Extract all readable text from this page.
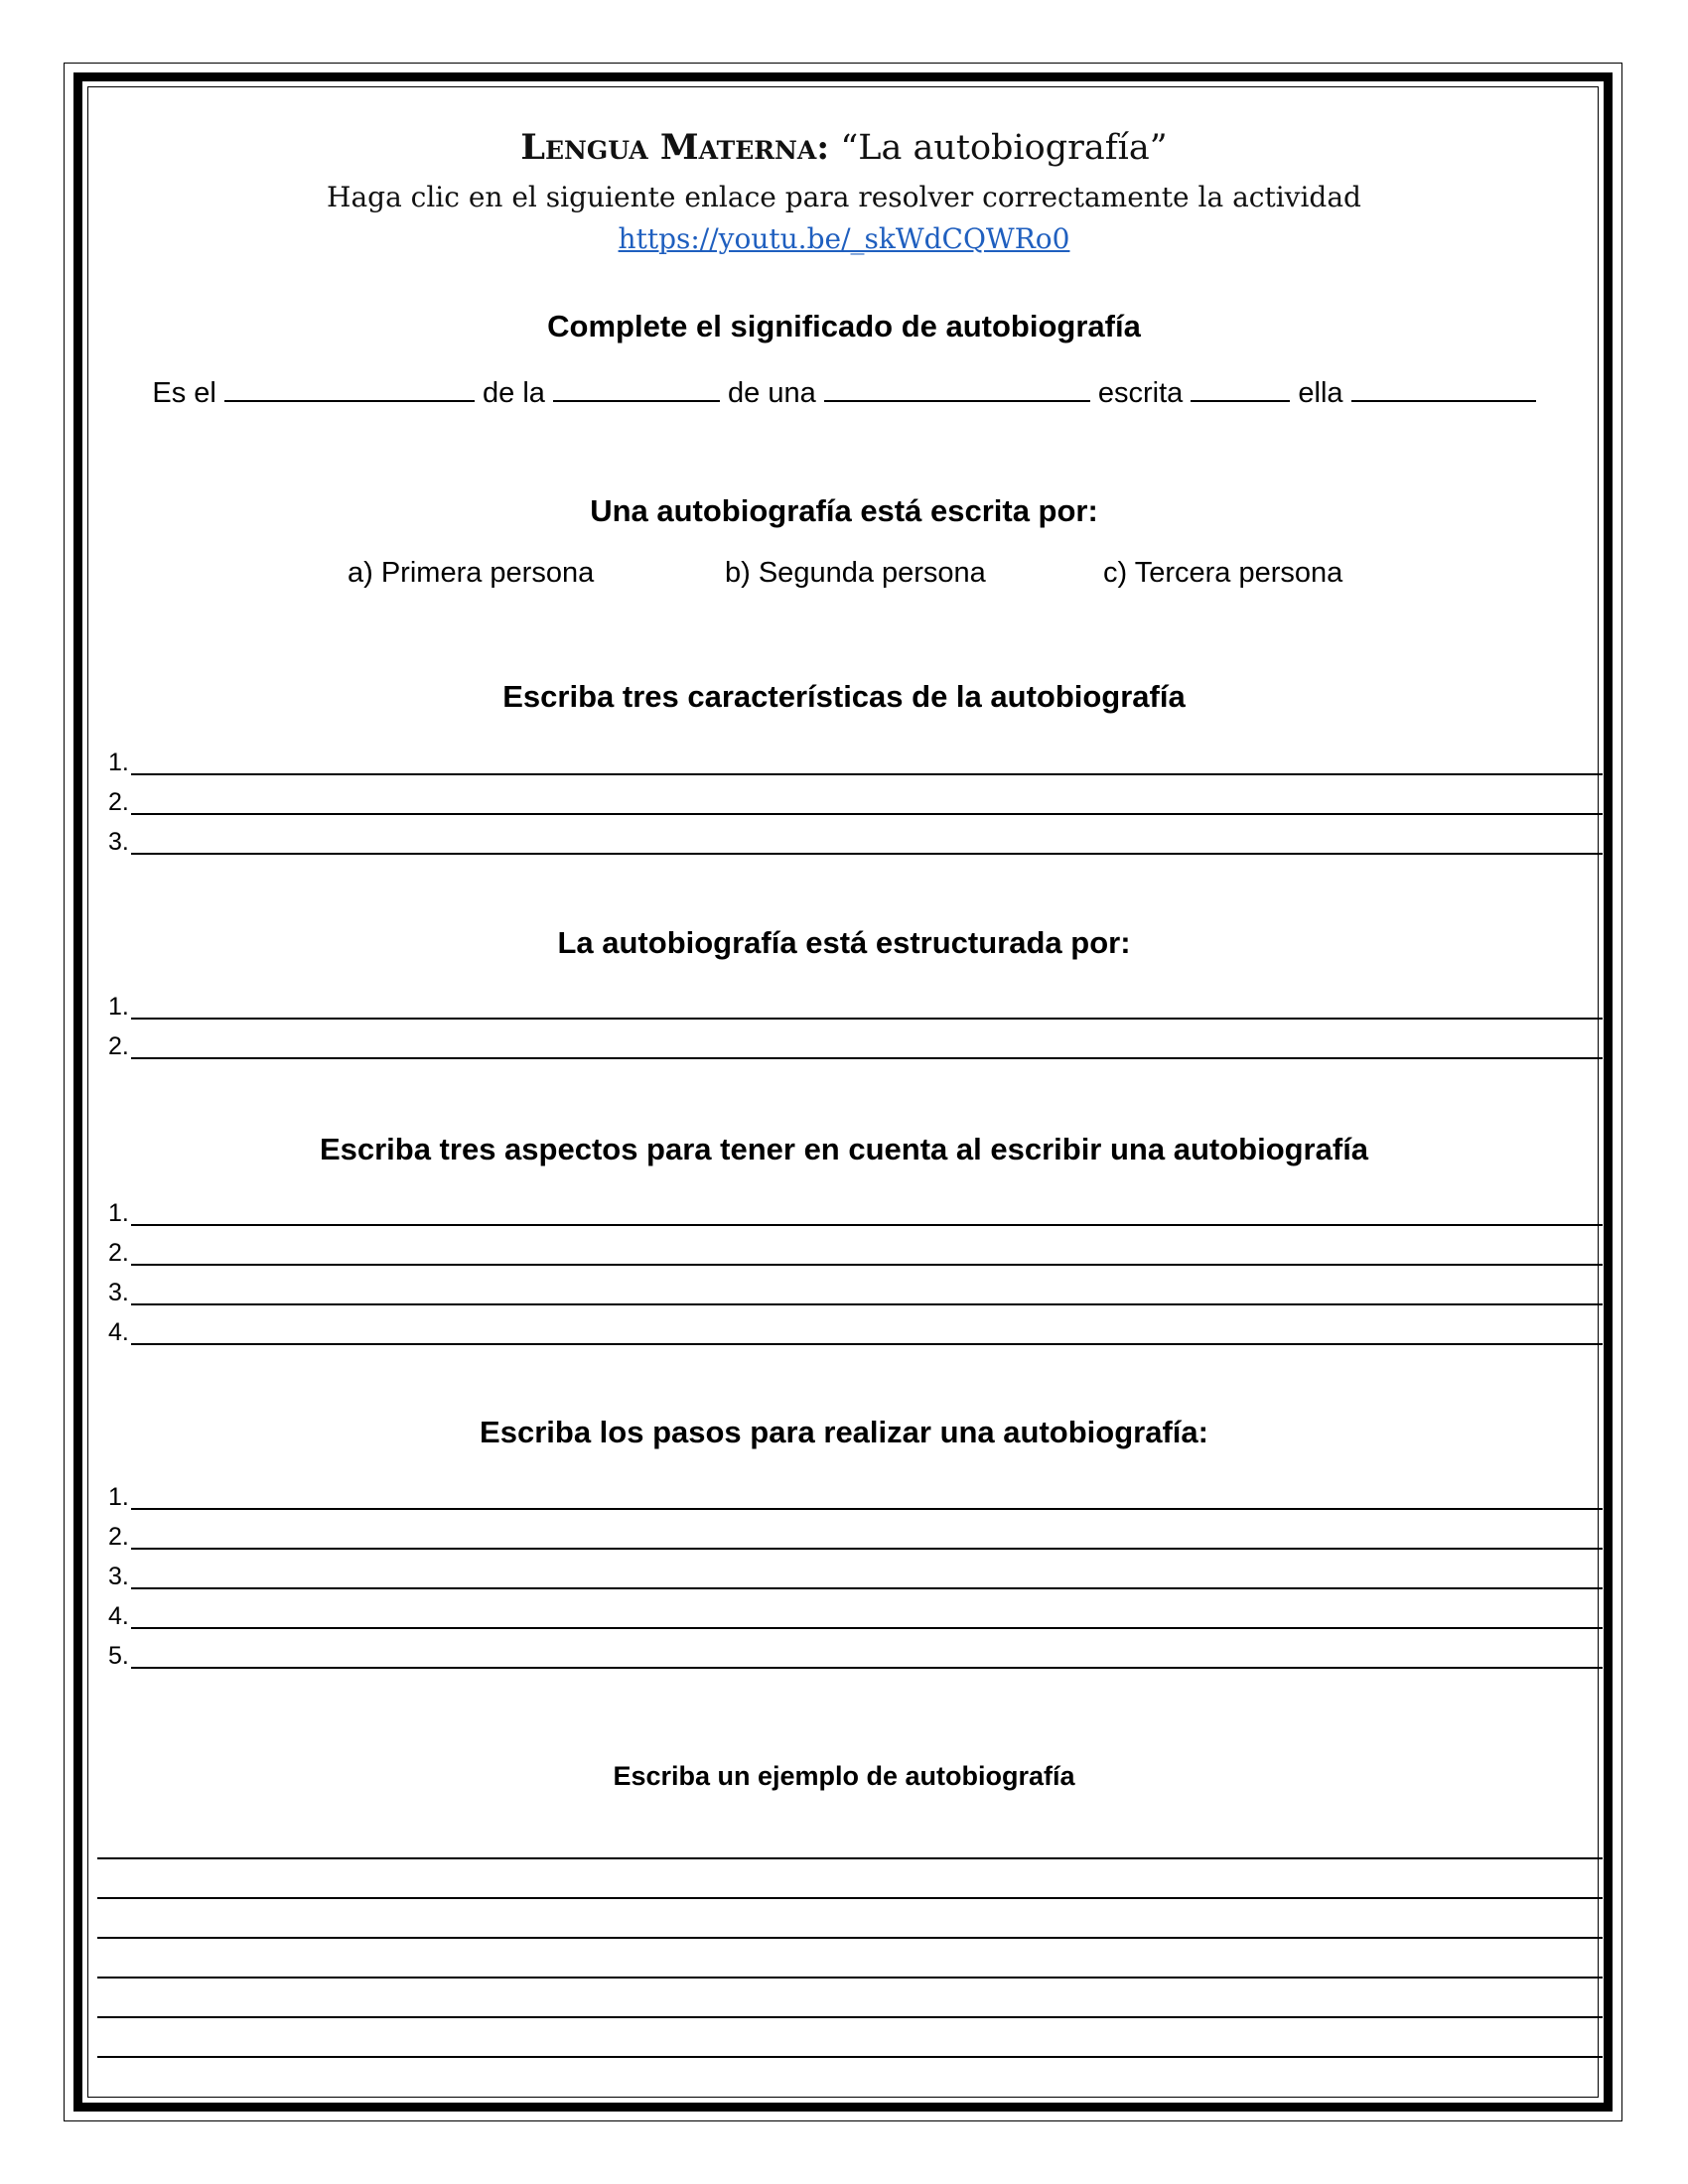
Lengua Materna: “La autobiografía”
Haga clic en el siguiente enlace para resolver correctamente la actividad
https://youtu.be/_skWdCQWRo0
Complete el significado de autobiografía
Es el	de la	de una	escrita	ella
Una autobiografía está escrita por:
a) Primera persona	b) Segunda persona	c) Tercera persona
Escriba tres características de la autobiografía
1.
2.
3.
La autobiografía está estructurada por:
1.
2.
Escriba tres aspectos para tener en cuenta al escribir una autobiografía
1.
2.
3.
4.
Escriba los pasos para realizar una autobiografía:
1.
2.
3.
4.
5.
Escriba un ejemplo de autobiografía
